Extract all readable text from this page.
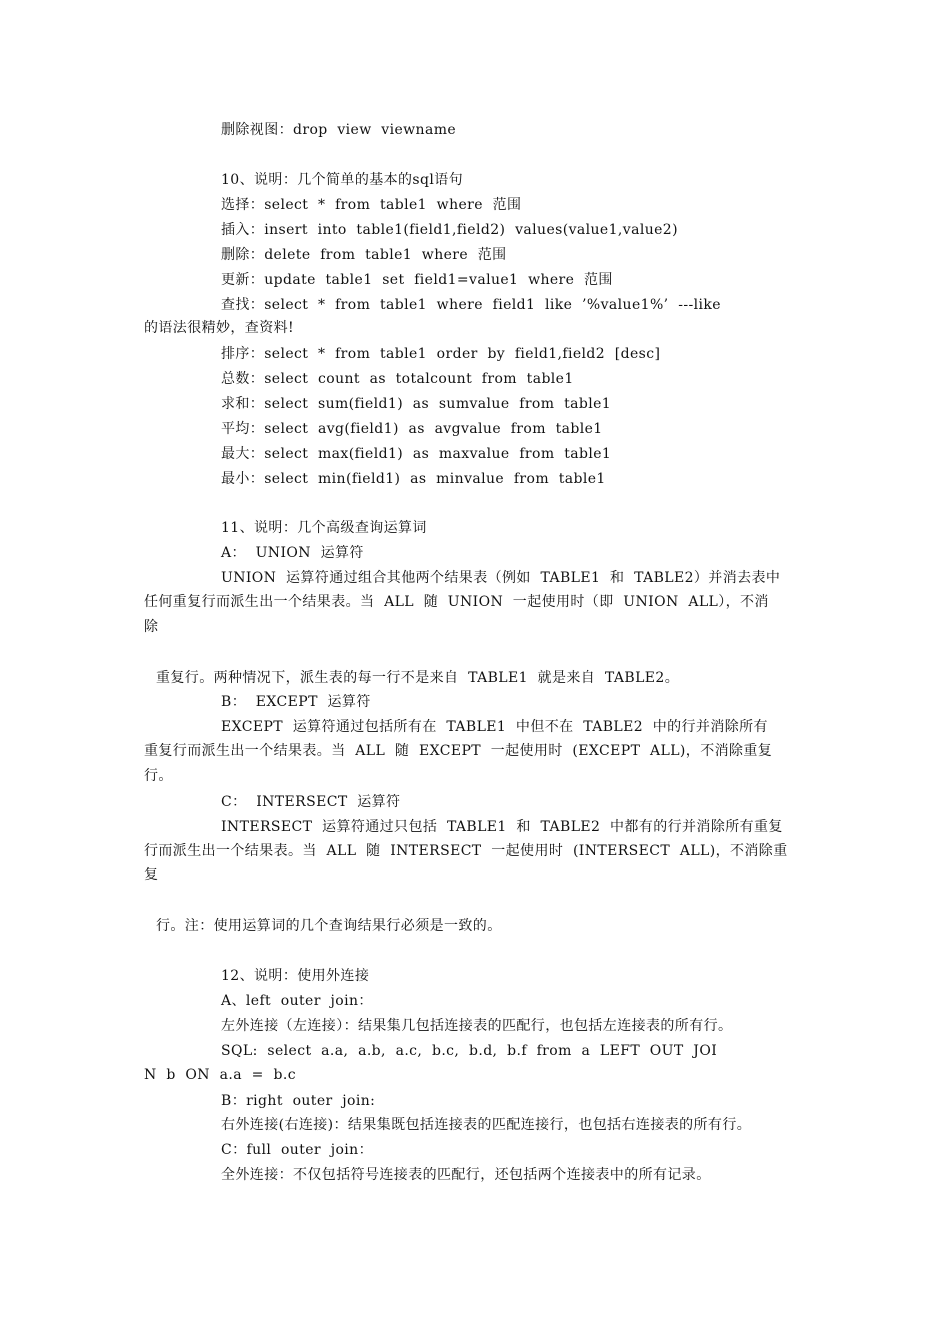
删除视图：drop  view  viewname
10、说明：几个简单的基本的sql语句
选择：select  *  from  table1  where  范围
插入：insert  into  table1(field1,field2)  values(value1,value2)
删除：delete  from  table1  where  范围
更新：update  table1  set  field1=value1  where  范围
查找：select  *  from  table1  where  field1  like  ’%value1%’  ---like
的语法很精妙，查资料!
排序：select  *  from  table1  order  by  field1,field2  [desc]
总数：select  count  as  totalcount  from  table1
求和：select  sum(field1)  as  sumvalue  from  table1
平均：select  avg(field1)  as  avgvalue  from  table1
最大：select  max(field1)  as  maxvalue  from  table1
最小：select  min(field1)  as  minvalue  from  table1
11、说明：几个高级查询运算词
A：  UNION  运算符
UNION  运算符通过组合其他两个结果表（例如  TABLE1  和  TABLE2）并消去表中
任何重复行而派生出一个结果表。当  ALL  随  UNION  一起使用时（即  UNION  ALL），不消
除
重复行。两种情况下，派生表的每一行不是来自  TABLE1  就是来自  TABLE2。
B：  EXCEPT  运算符
EXCEPT  运算符通过包括所有在  TABLE1  中但不在  TABLE2  中的行并消除所有
重复行而派生出一个结果表。当  ALL  随  EXCEPT  一起使用时  (EXCEPT  ALL)，不消除重复
行。
C：  INTERSECT  运算符
INTERSECT  运算符通过只包括  TABLE1  和  TABLE2  中都有的行并消除所有重复
行而派生出一个结果表。当  ALL  随  INTERSECT  一起使用时  (INTERSECT  ALL)，不消除重
复
行。注：使用运算词的几个查询结果行必须是一致的。
12、说明：使用外连接
A、left  outer  join：
左外连接（左连接）：结果集几包括连接表的匹配行，也包括左连接表的所有行。
SQL:  select  a.a,  a.b,  a.c,  b.c,  b.d,  b.f  from  a  LEFT  OUT  JOI
N  b  ON  a.a  =  b.c
B：right  outer  join:
右外连接(右连接)：结果集既包括连接表的匹配连接行，也包括右连接表的所有行。
C：full  outer  join：
全外连接：不仅包括符号连接表的匹配行，还包括两个连接表中的所有记录。
